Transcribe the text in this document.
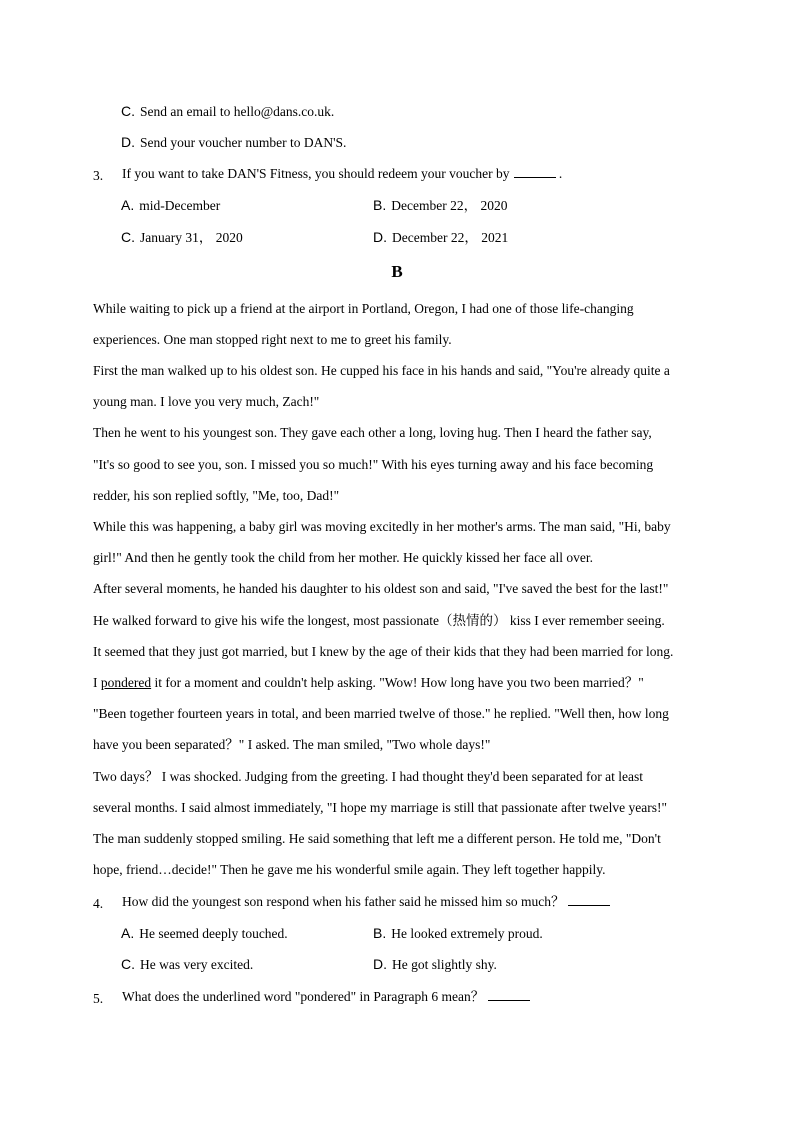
C. Send an email to hello@dans.co.uk.
D. Send your voucher number to DAN'S.
3. If you want to take DAN'S Fitness, you should redeem your voucher by	.
A. mid-December	B. December 22， 2020
C. January 31， 2020	D. December 22， 2021
B
While waiting to pick up a friend at the airport in Portland, Oregon, I had one of those life-changing
experiences. One man stopped right next to me to greet his family.
First the man walked up to his oldest son. He cupped his face in his hands and said, "You're already quite a
young man. I love you very much, Zach!"
Then he went to his youngest son. They gave each other a long, loving hug. Then I heard the father say,
"It's so good to see you, son. I missed you so much!" With his eyes turning away and his face becoming
redder, his son replied softly, "Me, too, Dad!"
While this was happening, a baby girl was moving excitedly in her mother's arms. The man said, "Hi, baby
girl!" And then he gently took the child from her mother. He quickly kissed her face all over.
After several moments, he handed his daughter to his oldest son and said, "I've saved the best for the last!"
He walked forward to give his wife the longest, most passionate（热情的） kiss I ever remember seeing.
It seemed that they just got married, but I knew by the age of their kids that they had been married for long.
I pondered it for a moment and couldn't help asking. "Wow! How long have you two been married？"
"Been together fourteen years in total, and been married twelve of those." he replied. "Well then, how long
have you been separated？" I asked. The man smiled, "Two whole days!"
Two days？ I was shocked. Judging from the greeting. I had thought they'd been separated for at least
several months. I said almost immediately, "I hope my marriage is still that passionate after twelve years!"
The man suddenly stopped smiling. He said something that left me a different person. He told me, "Don't
hope, friend…decide!" Then he gave me his wonderful smile again. They left together happily.
4. How did the youngest son respond when his father said he missed him so much？
A. He seemed deeply touched.	B. He looked extremely proud.
C. He was very excited.	D. He got slightly shy.
5. What does the underlined word "pondered" in Paragraph 6 mean？
